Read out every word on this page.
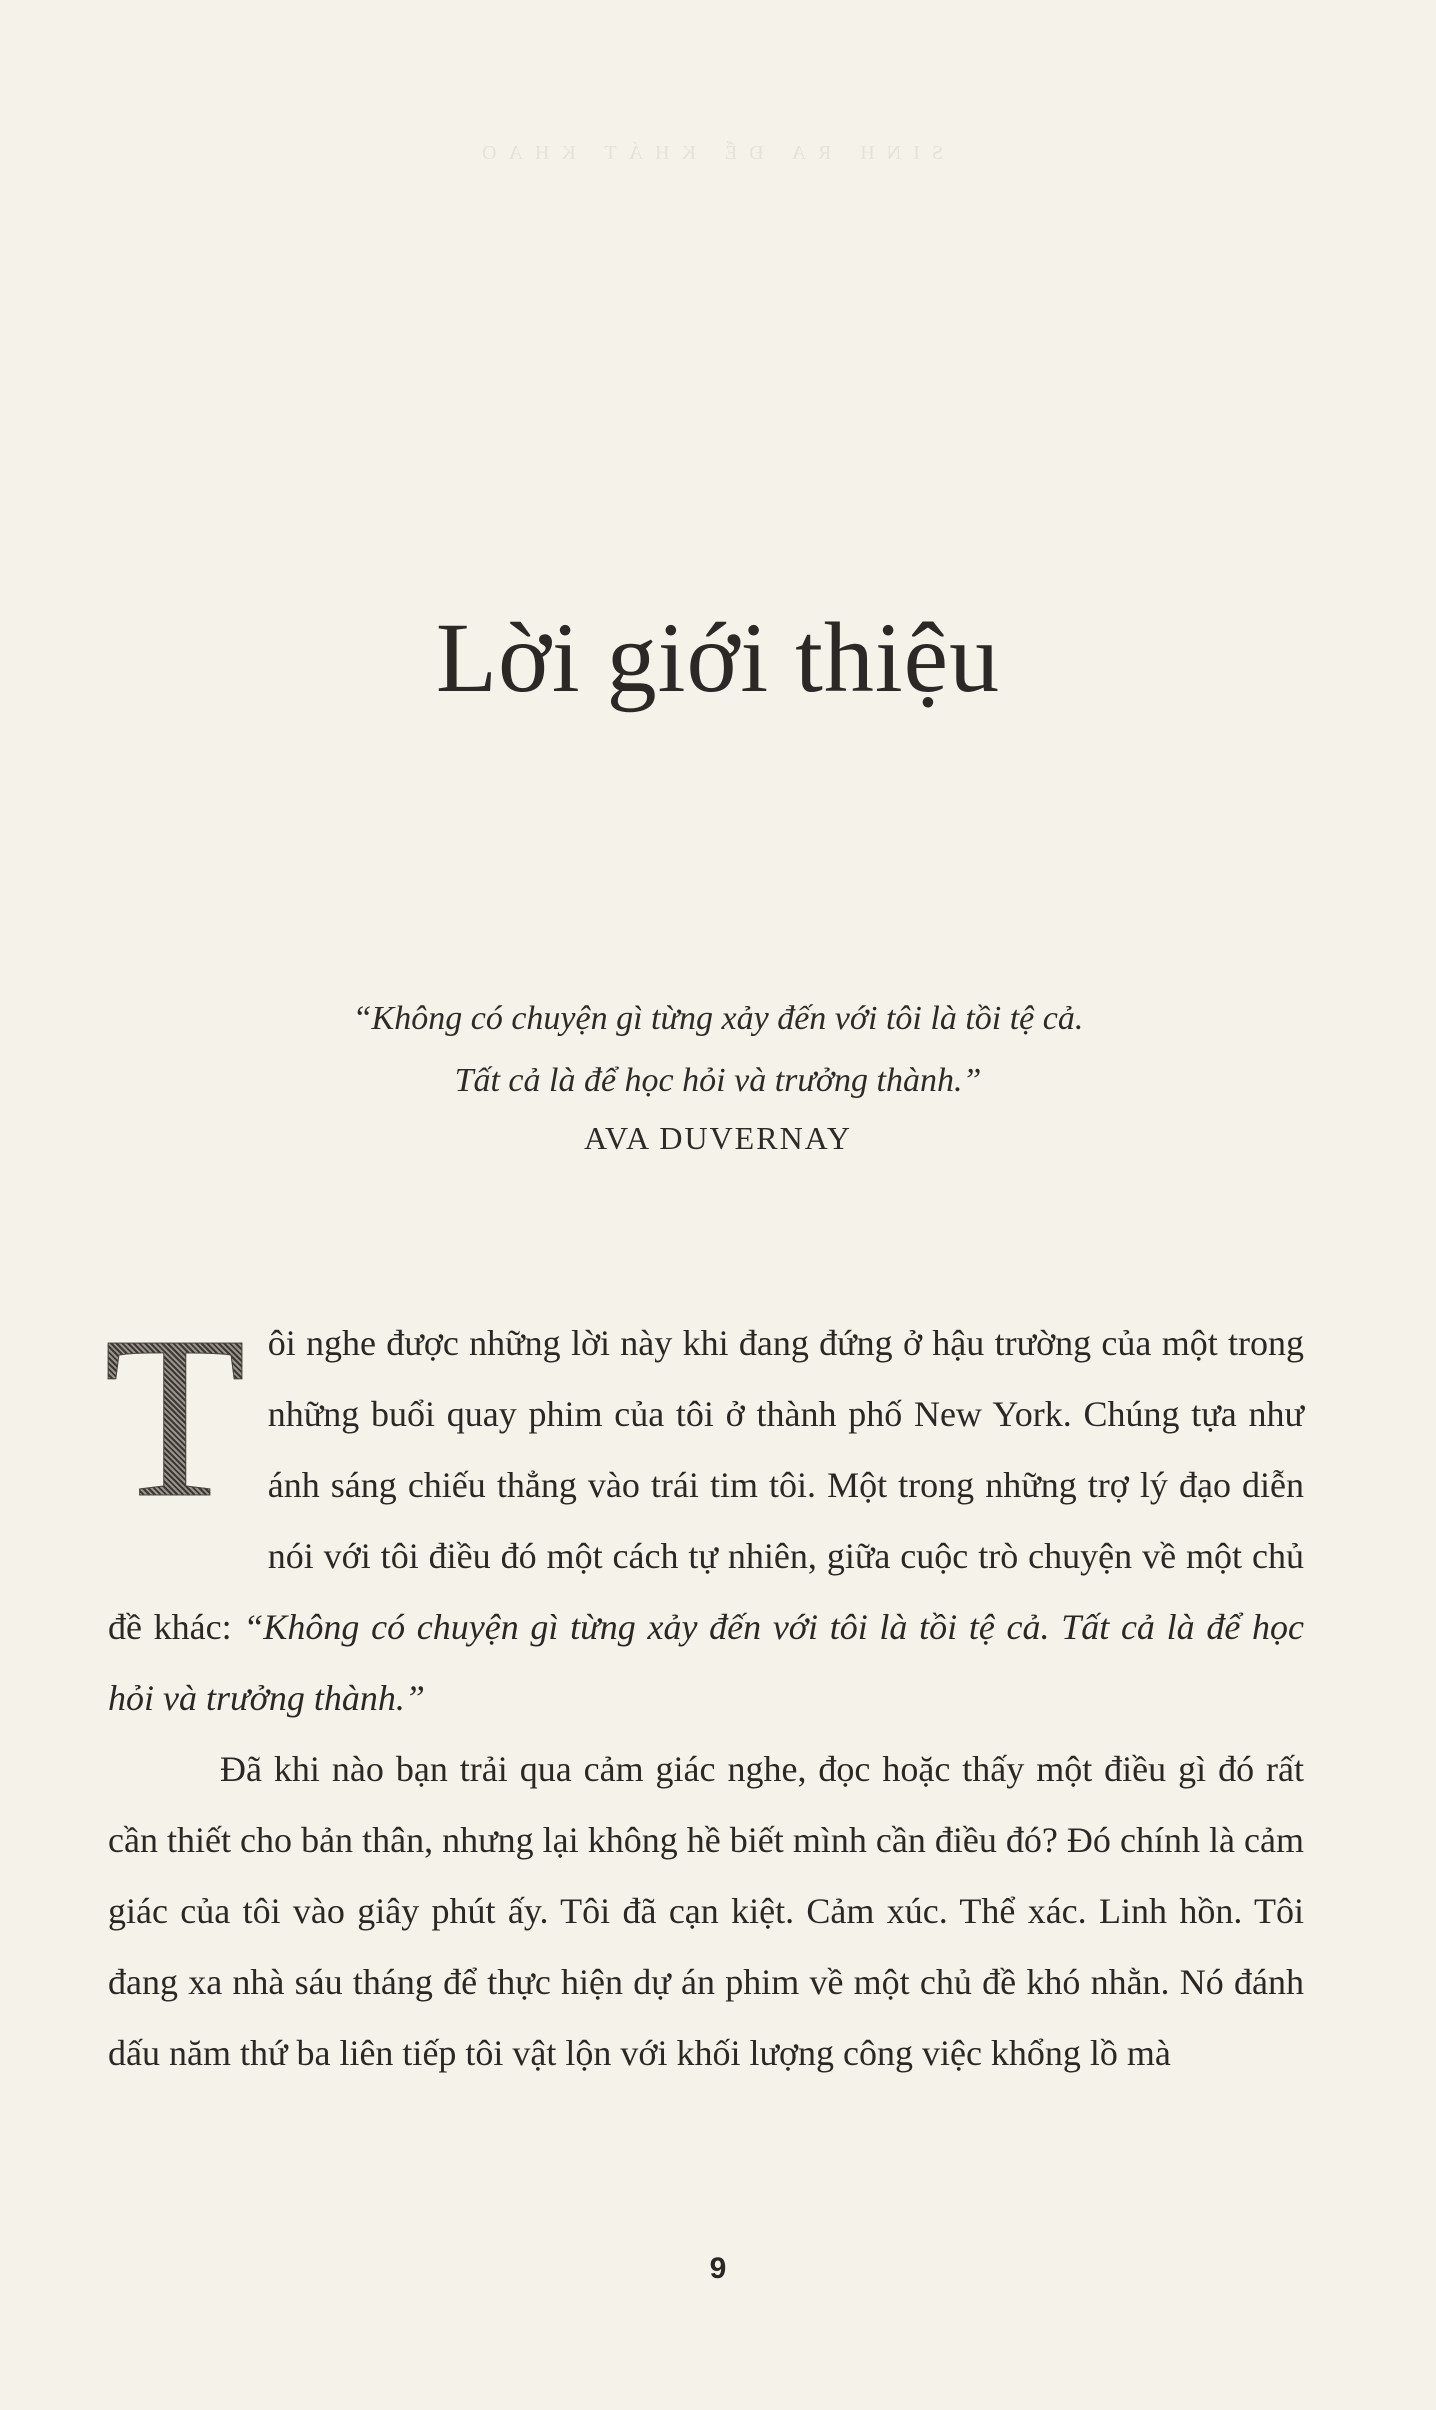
SINH RA ĐỂ KHÁT KHAO
Lời giới thiệu
“Không có chuyện gì từng xảy đến với tôi là tồi tệ cả.
Tất cả là để học hỏi và trưởng thành.”
AVA DUVERNAY

T ôi nghe được những lời này khi đang đứng ở hậu trường của một trong những buổi quay phim của tôi ở thành phố New York. Chúng tựa như ánh sáng chiếu thẳng vào trái tim tôi. Một trong những trợ lý đạo diễn nói với tôi điều đó một cách tự nhiên, giữa cuộc trò chuyện về một chủ đề khác: “Không có chuyện gì từng xảy đến với tôi là tồi tệ cả. Tất cả là để học hỏi và trưởng thành.”

Đã khi nào bạn trải qua cảm giác nghe, đọc hoặc thấy một điều gì đó rất cần thiết cho bản thân, nhưng lại không hề biết mình cần điều đó? Đó chính là cảm giác của tôi vào giây phút ấy. Tôi đã cạn kiệt. Cảm xúc. Thể xác. Linh hồn. Tôi đang xa nhà sáu tháng để thực hiện dự án phim về một chủ đề khó nhằn. Nó đánh dấu năm thứ ba liên tiếp tôi vật lộn với khối lượng công việc khổng lồ mà

9
